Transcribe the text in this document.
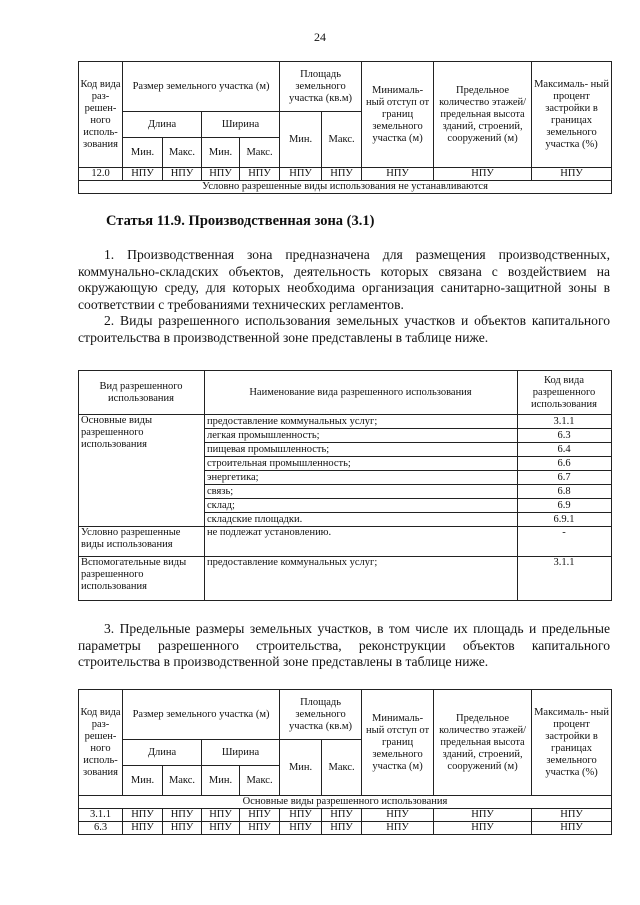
24
Код вида раз- решен- ного исполь- зования	Размер земельного участка (м)				Площадь земельного участка (кв.м)		Минималь- ный отступ от границ земельного участка (м)	Предельное количество этажей/ предельная высота зданий, строений, сооружений (м)	Максималь- ный процент застройки в границах земельного участка (%)
	Длина		Ширина		Мин.	Макс.			
	Мин.	Макс.	Мин.	Макс.					
12.0	НПУ	НПУ	НПУ	НПУ	НПУ	НПУ	НПУ	НПУ	НПУ
Условно разрешенные виды использования не устанавливаются									
Статья 11.9. Производственная зона (3.1)

1. Производственная зона предназначена для размещения производственных, коммунально-складских объектов, деятельность которых связана с воздействием на окружающую среду, для которых необходима организация санитарно-защитной зоны в соответствии с требованиями технических регламентов.

2. Виды разрешенного использования земельных участков и объектов капитального строительства в производственной зоне представлены в таблице ниже.

Вид разрешенного использования	Наименование вида разрешенного использования	Код вида разрешенного использования
Основные виды разрешенного использования	предоставление коммунальных услуг;	3.1.1
	легкая промышленность;	6.3
	пищевая промышленность;	6.4
	строительная промышленность;	6.6
	энергетика;	6.7
	связь;	6.8
	склад;	6.9
	складские площадки.	6.9.1
Условно разрешенные виды использования	не подлежат установлению.	-
Вспомогательные виды разрешенного использования	предоставление коммунальных услуг;	3.1.1

3. Предельные размеры земельных участков, в том числе их площадь и предельные параметры разрешенного строительства, реконструкции объектов капитального строительства в производственной зоне представлены в таблице ниже.

Код вида раз- решен- ного исполь- зования	Размер земельного участка (м)				Площадь земельного участка (кв.м)		Минималь- ный отступ от границ земельного участка (м)	Предельное количество этажей/ предельная высота зданий, строений, сооружений (м)	Максималь- ный процент застройки в границах земельного участка (%)
	Длина		Ширина		Мин.	Макс.			
	Мин.	Макс.	Мин.	Макс.					
Основные виды разрешенного использования									
3.1.1	НПУ	НПУ	НПУ	НПУ	НПУ	НПУ	НПУ	НПУ	НПУ
6.3	НПУ	НПУ	НПУ	НПУ	НПУ	НПУ	НПУ	НПУ	НПУ
